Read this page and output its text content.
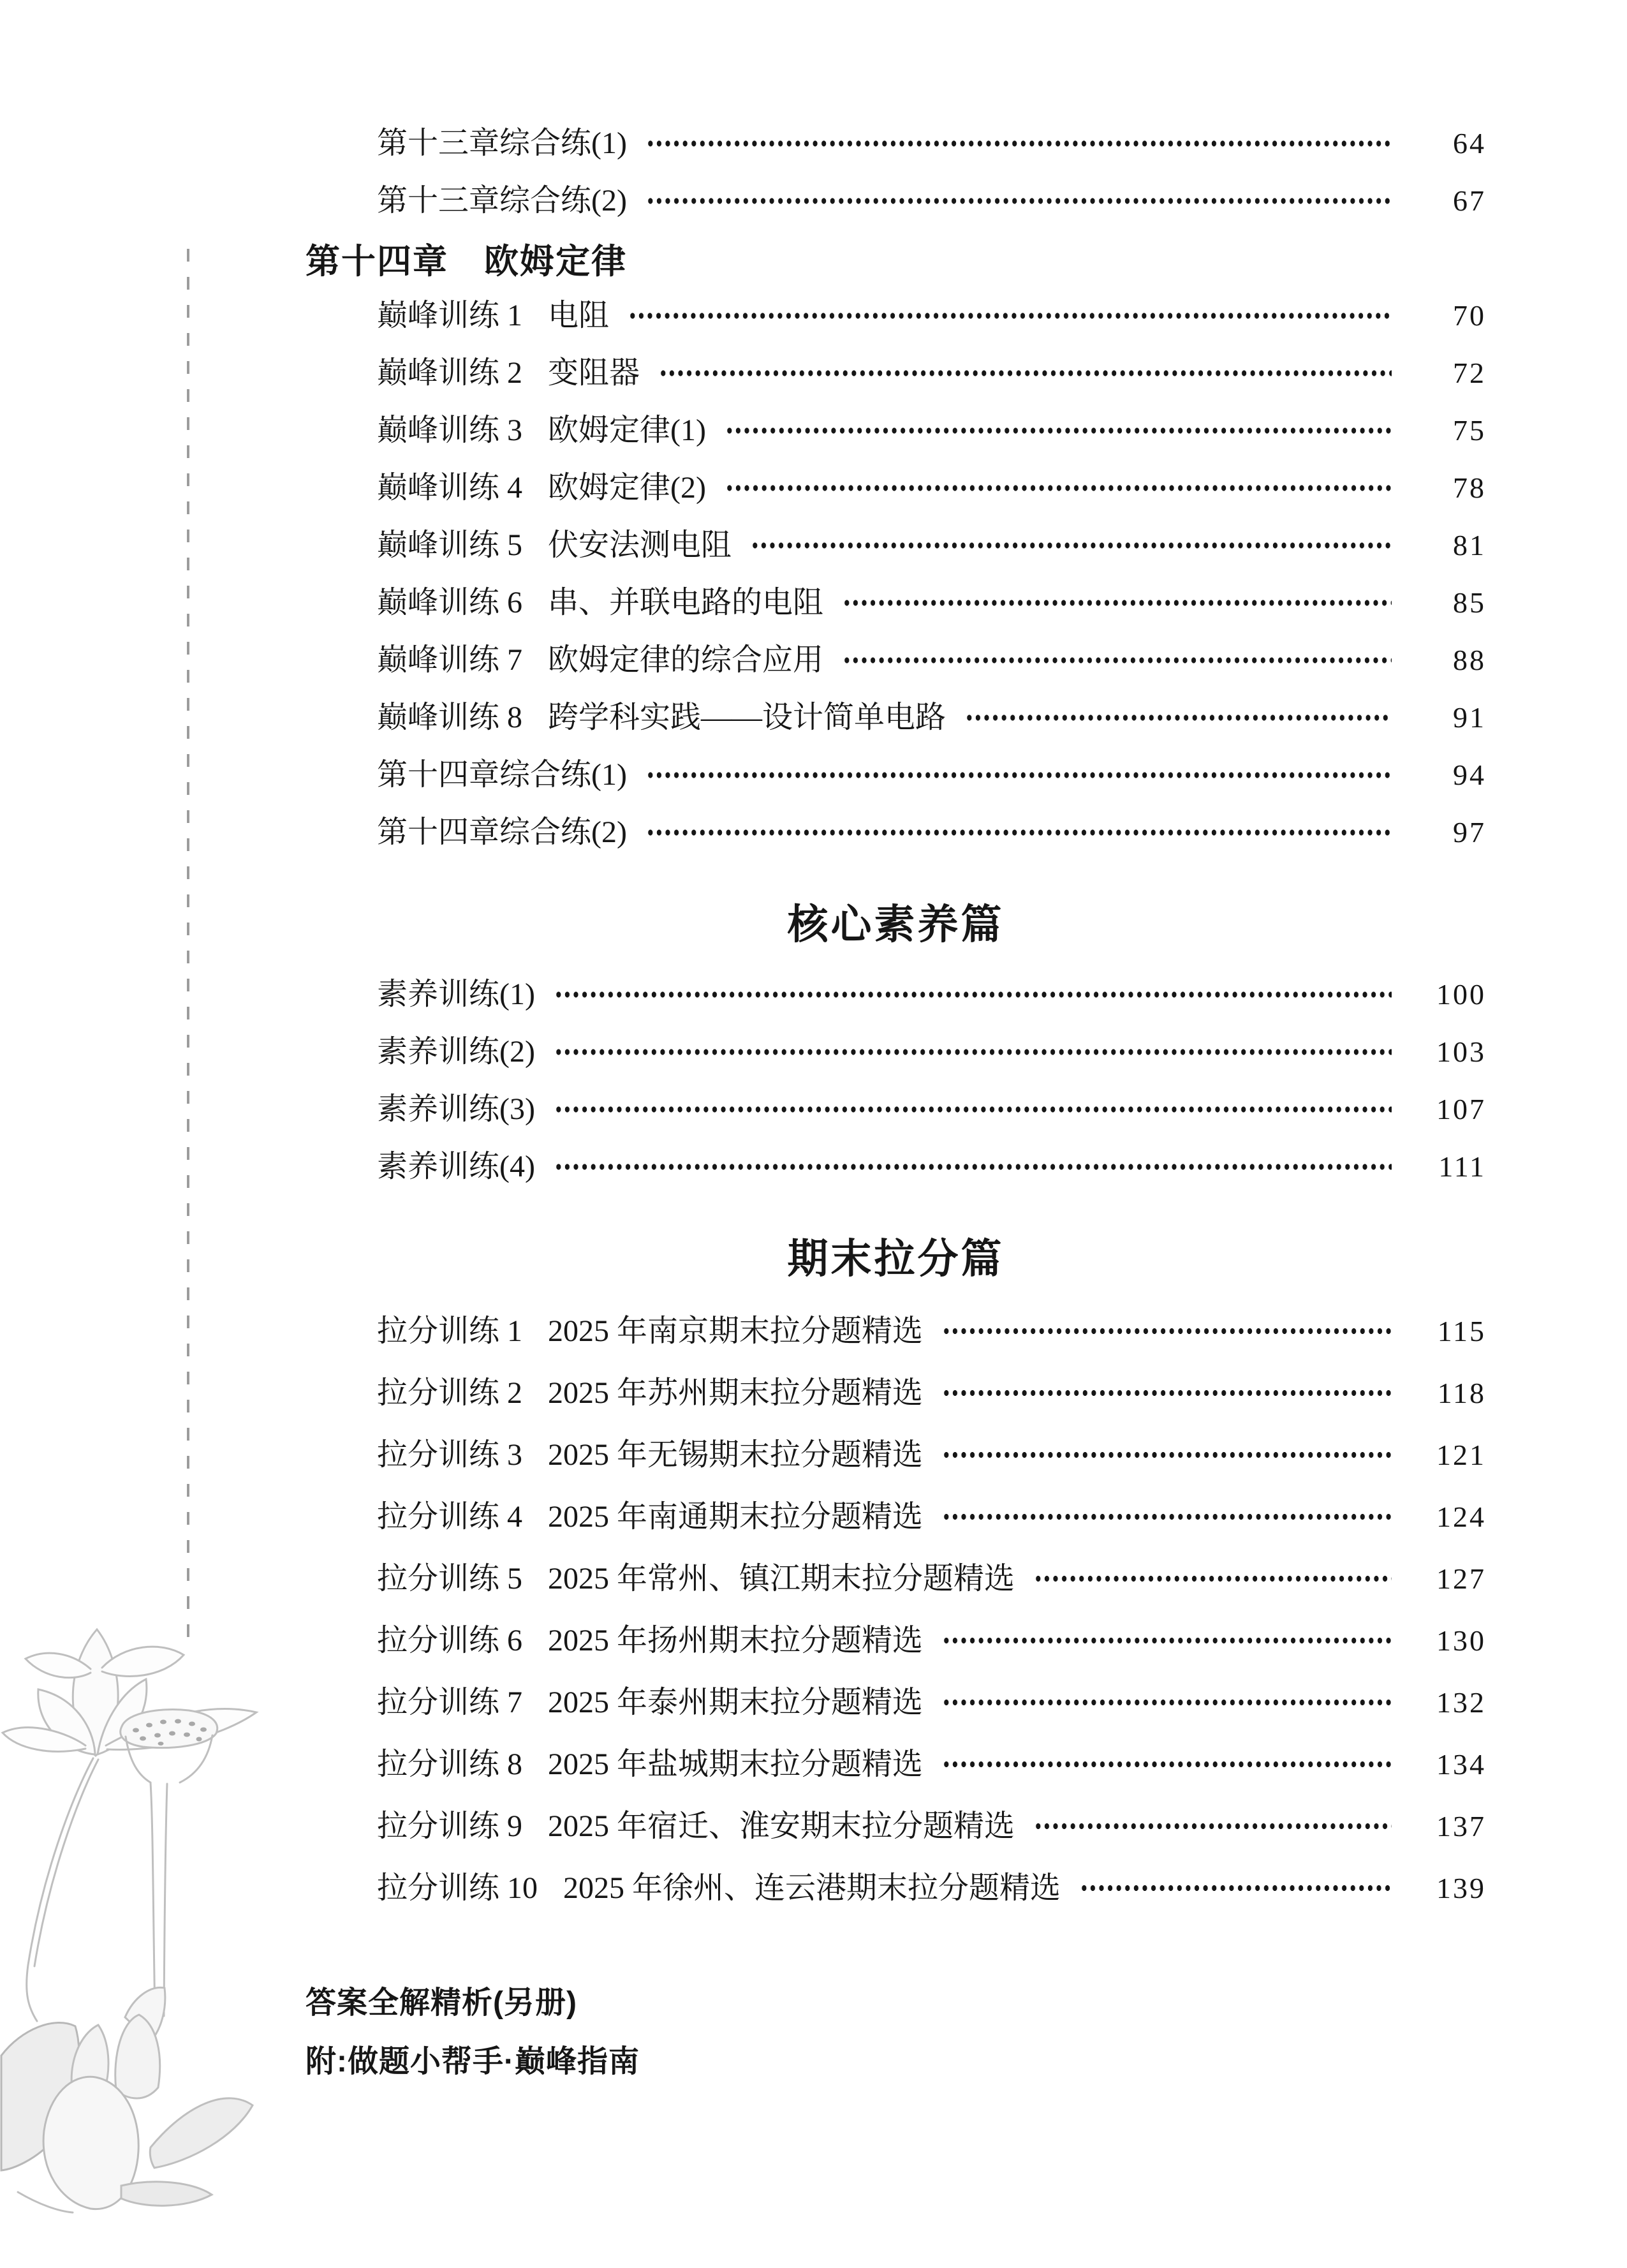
第十三章综合练(1)	64
第十三章综合练(2)	67
第十四章　欧姆定律
巅峰训练 1 电阻	70
巅峰训练 2 变阻器	72
巅峰训练 3 欧姆定律(1)	75
巅峰训练 4 欧姆定律(2)	78
巅峰训练 5 伏安法测电阻	81
巅峰训练 6 串、并联电路的电阻	85
巅峰训练 7 欧姆定律的综合应用	88
巅峰训练 8 跨学科实践——设计简单电路	91
第十四章综合练(1)	94
第十四章综合练(2)	97
核心素养篇
素养训练(1)	100
素养训练(2)	103
素养训练(3)	107
素养训练(4)	111
期末拉分篇
拉分训练 1 2025 年南京期末拉分题精选	115
拉分训练 2 2025 年苏州期末拉分题精选	118
拉分训练 3 2025 年无锡期末拉分题精选	121
拉分训练 4 2025 年南通期末拉分题精选	124
拉分训练 5 2025 年常州、镇江期末拉分题精选	127
拉分训练 6 2025 年扬州期末拉分题精选	130
拉分训练 7 2025 年泰州期末拉分题精选	132
拉分训练 8 2025 年盐城期末拉分题精选	134
拉分训练 9 2025 年宿迁、淮安期末拉分题精选	137
拉分训练 10 2025 年徐州、连云港期末拉分题精选	139
答案全解精析(另册)
附:做题小帮手·巅峰指南
